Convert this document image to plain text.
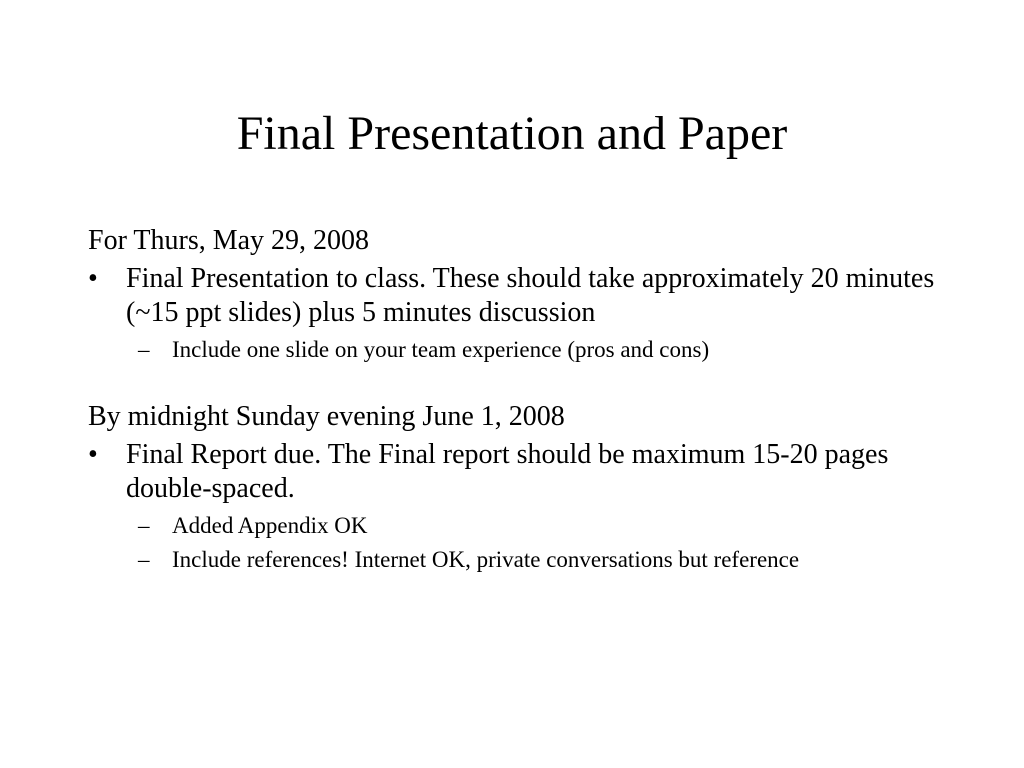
Final Presentation and Paper

For Thurs, May 29, 2008

• Final Presentation to class. These should take approximately 20 minutes (~15 ppt slides) plus 5 minutes discussion
– Include one slide on your team experience (pros and cons)

By midnight Sunday evening June 1, 2008

• Final Report due. The Final report should be maximum 15-20 pages double-spaced.
– Added Appendix OK
– Include references! Internet OK, private conversations but reference
